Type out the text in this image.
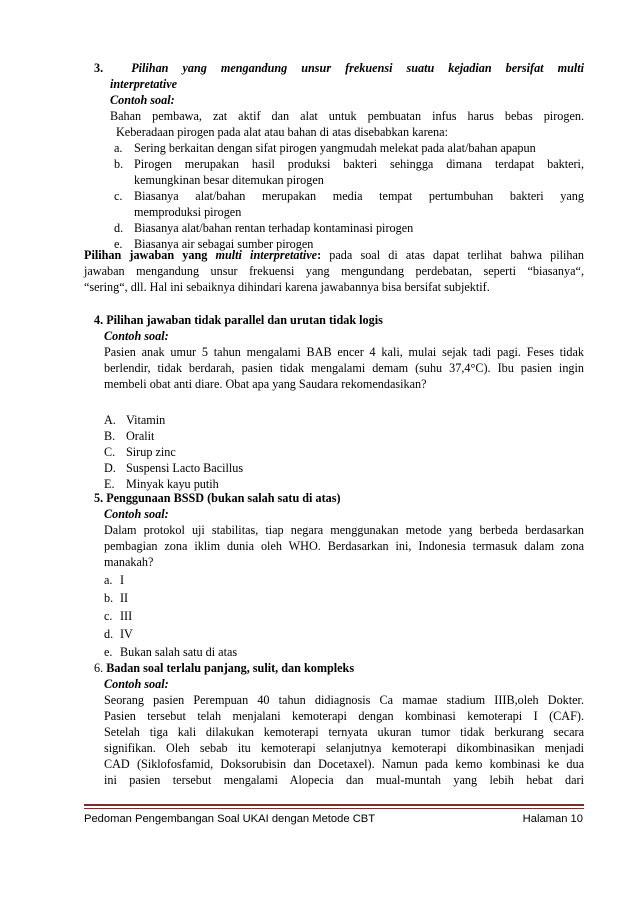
3. Pilihan yang mengandung unsur frekuensi suatu kejadian bersifat multi
interpretative
Contoh soal:
Bahan pembawa, zat aktif dan alat untuk pembuatan infus harus bebas pirogen.
Keberadaan pirogen pada alat atau bahan di atas disebabkan karena:
a. Sering berkaitan dengan sifat pirogen yangmudah melekat pada alat/bahan apapun
b. Pirogen merupakan hasil produksi bakteri sehingga dimana terdapat bakteri,
kemungkinan besar ditemukan pirogen
c. Biasanya alat/bahan merupakan media tempat pertumbuhan bakteri yang
memproduksi pirogen
d. Biasanya alat/bahan rentan terhadap kontaminasi pirogen
e. Biasanya air sebagai sumber pirogen
Pilihan jawaban yang multi interpretative: pada soal di atas dapat terlihat bahwa pilihan
jawaban mengandung unsur frekuensi yang mengundang perdebatan, seperti “biasanya“,
“sering“, dll. Hal ini sebaiknya dihindari karena jawabannya bisa bersifat subjektif.
4. Pilihan jawaban tidak parallel dan urutan tidak logis
Contoh soal:
Pasien anak umur 5 tahun mengalami BAB encer 4 kali, mulai sejak tadi pagi. Feses tidak
berlendir, tidak berdarah, pasien tidak mengalami demam (suhu 37,4°C). Ibu pasien ingin
membeli obat anti diare. Obat apa yang Saudara rekomendasikan?
A. Vitamin
B. Oralit
C. Sirup zinc
D. Suspensi Lacto Bacillus
E. Minyak kayu putih
5. Penggunaan BSSD (bukan salah satu di atas)
Contoh soal:
Dalam protokol uji stabilitas, tiap negara menggunakan metode yang berbeda berdasarkan
pembagian zona iklim dunia oleh WHO. Berdasarkan ini, Indonesia termasuk dalam zona
manakah?
a. I
b. II
c. III
d. IV
e. Bukan salah satu di atas
6. Badan soal terlalu panjang, sulit, dan kompleks
Contoh soal:
Seorang pasien Perempuan 40 tahun didiagnosis Ca mamae stadium IIIB,oleh Dokter.
Pasien tersebut telah menjalani kemoterapi dengan kombinasi kemoterapi I (CAF).
Setelah tiga kali dilakukan kemoterapi ternyata ukuran tumor tidak berkurang secara
signifikan. Oleh sebab itu kemoterapi selanjutnya kemoterapi dikombinasikan menjadi
CAD (Siklofosfamid, Doksorubisin dan Docetaxel). Namun pada kemo kombinasi ke dua
ini pasien tersebut mengalami Alopecia dan mual-muntah yang lebih hebat dari
Pedoman Pengembangan Soal UKAI dengan Metode CBT	Halaman 10
